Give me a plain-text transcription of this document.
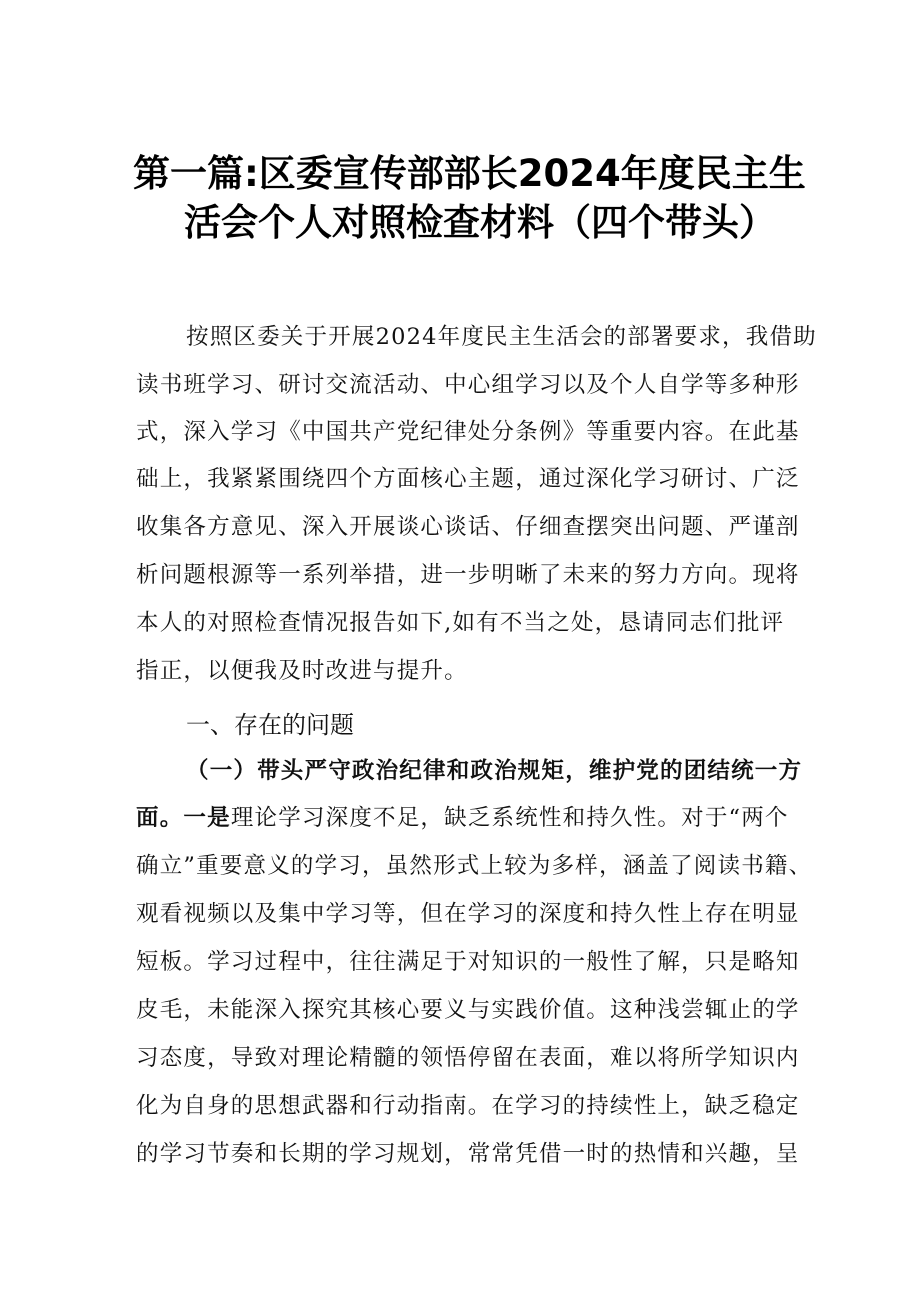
第一篇:区委宣传部部长2024年度民主生
活会个人对照检查材料（四个带头）
按照区委关于开展2024年度民主生活会的部署要求，我借助
读书班学习、研讨交流活动、中心组学习以及个人自学等多种形
式，深入学习《中国共产党纪律处分条例》等重要内容。在此基
础上，我紧紧围绕四个方面核心主题，通过深化学习研讨、广泛
收集各方意见、深入开展谈心谈话、仔细查摆突出问题、严谨剖
析问题根源等一系列举措，进一步明晰了未来的努力方向。现将
本人的对照检查情况报告如下,如有不当之处，恳请同志们批评
指正，以便我及时改进与提升。
一、存在的问题
（一）带头严守政治纪律和政治规矩，维护党的团结统一方
面。一是理论学习深度不足，缺乏系统性和持久性。对于“两个
确立”重要意义的学习，虽然形式上较为多样，涵盖了阅读书籍、
观看视频以及集中学习等，但在学习的深度和持久性上存在明显
短板。学习过程中，往往满足于对知识的一般性了解，只是略知
皮毛，未能深入探究其核心要义与实践价值。这种浅尝辄止的学
习态度，导致对理论精髓的领悟停留在表面，难以将所学知识内
化为自身的思想武器和行动指南。在学习的持续性上，缺乏稳定
的学习节奏和长期的学习规划，常常凭借一时的热情和兴趣，呈
